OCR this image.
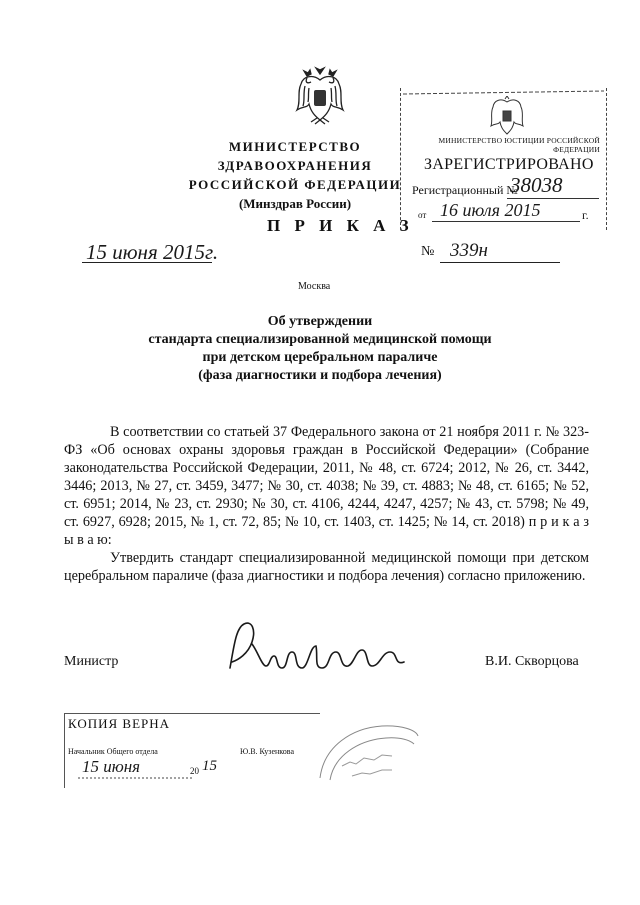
МИНИСТЕРСТВО ЗДРАВООХРАНЕНИЯ
РОССИЙСКОЙ ФЕДЕРАЦИИ
(Минздрав России)
П Р И К А З
МИНИСТЕРСТВО ЮСТИЦИИ РОССИЙСКОЙ ФЕДЕРАЦИИ
ЗАРЕГИСТРИРОВАНО
Регистрационный №
38038
от 16 июля 2015	г.
15 июня 2015г.	№ 339н
Москва
Об утверждении
стандарта специализированной медицинской помощи
при детском церебральном параличе
(фаза диагностики и подбора лечения)

В соответствии со статьей 37 Федерального закона от 21 ноября 2011 г. № 323-ФЗ «Об основах охраны здоровья граждан в Российской Федерации» (Собрание законодательства Российской Федерации, 2011, № 48, ст. 6724; 2012, № 26, ст. 3442, 3446; 2013, № 27, ст. 3459, 3477; № 30, ст. 4038; № 39, ст. 4883; № 48, ст. 6165; № 52, ст. 6951; 2014, № 23, ст. 2930; № 30, ст. 4106, 4244, 4247, 4257; № 43, ст. 5798; № 49, ст. 6927, 6928; 2015, № 1, ст. 72, 85; № 10, ст. 1403, ст. 1425; № 14, ст. 2018) п р и к а з ы в а ю:

Утвердить стандарт специализированной медицинской помощи при детском церебральном параличе (фаза диагностики и подбора лечения) согласно приложению.

Министр	В.И. Скворцова
КОПИЯ ВЕРНА
Начальник Общего отдела	Ю.В. Кузенкова
15 июня	20 15
